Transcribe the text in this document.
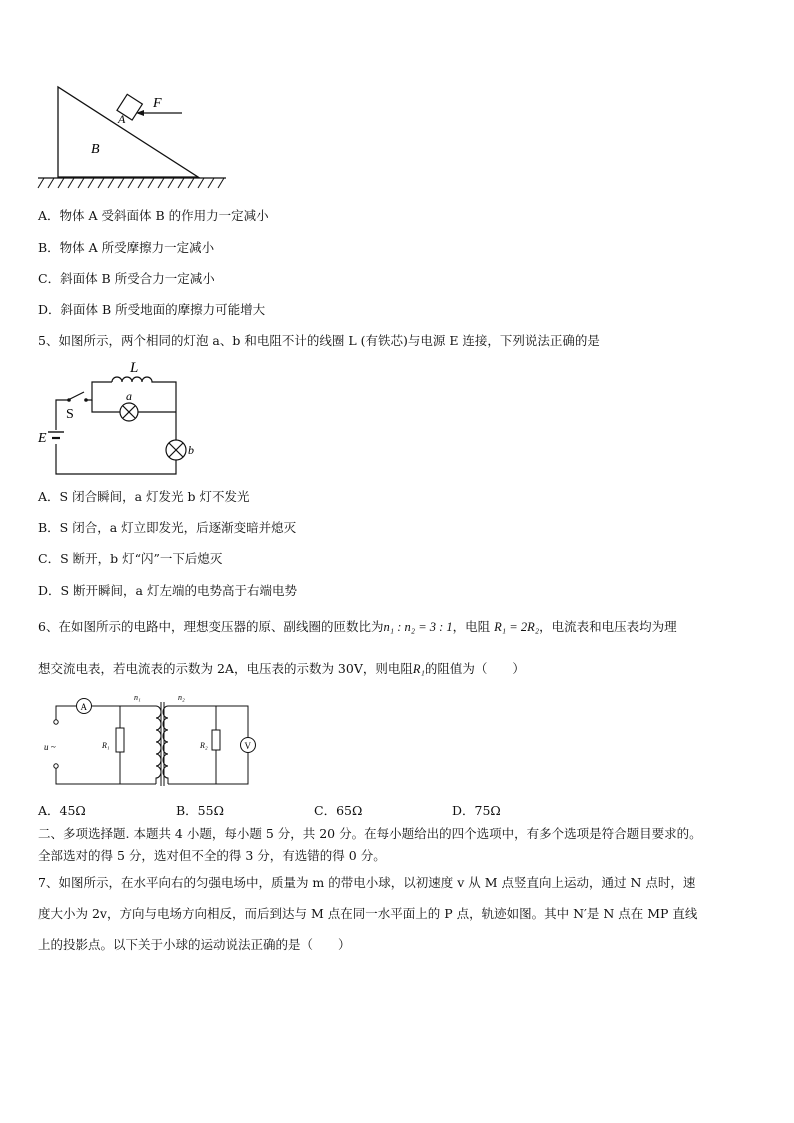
F
A
B
A．物体 A 受斜面体 B 的作用力一定减小
B．物体 A 所受摩擦力一定减小
C．斜面体 B 所受合力一定减小
D．斜面体 B 所受地面的摩擦力可能增大
5、如图所示，两个相同的灯泡 a、b 和电阻不计的线圈 L (有铁芯)与电源 E 连接，下列说法正确的是
L
S
E
a
b
A．S 闭合瞬间，a 灯发光 b 灯不发光
B．S 闭合，a 灯立即发光，后逐渐变暗并熄灭
C．S 断开，b 灯“闪”一下后熄灭
D．S 断开瞬间，a 灯左端的电势高于右端电势
6、在如图所示的电路中，理想变压器的原、副线圈的匝数比为n₁ : n₂ = 3 : 1，电阻 R₁ = 2R₂，电流表和电压表均为理
想交流电表，若电流表的示数为 2A，电压表的示数为 30V，则电阻R₁的阻值为（　　）
A
V
n₁	n₂
R₁	R₂
u ~
A．45Ω	B．55Ω	C．65Ω	D．75Ω
二、多项选择题. 本题共 4 小题，每小题 5 分，共 20 分。在每小题给出的四个选项中，有多个选项是符合题目要求的。
全部选对的得 5 分，选对但不全的得 3 分，有选错的得 0 分。
7、如图所示，在水平向右的匀强电场中，质量为 m 的带电小球，以初速度 v 从 M 点竖直向上运动，通过 N 点时，速
度大小为 2v，方向与电场方向相反，而后到达与 M 点在同一水平面上的 P 点，轨迹如图。其中 N′是 N 点在 MP 直线
上的投影点。以下关于小球的运动说法正确的是（　　）
